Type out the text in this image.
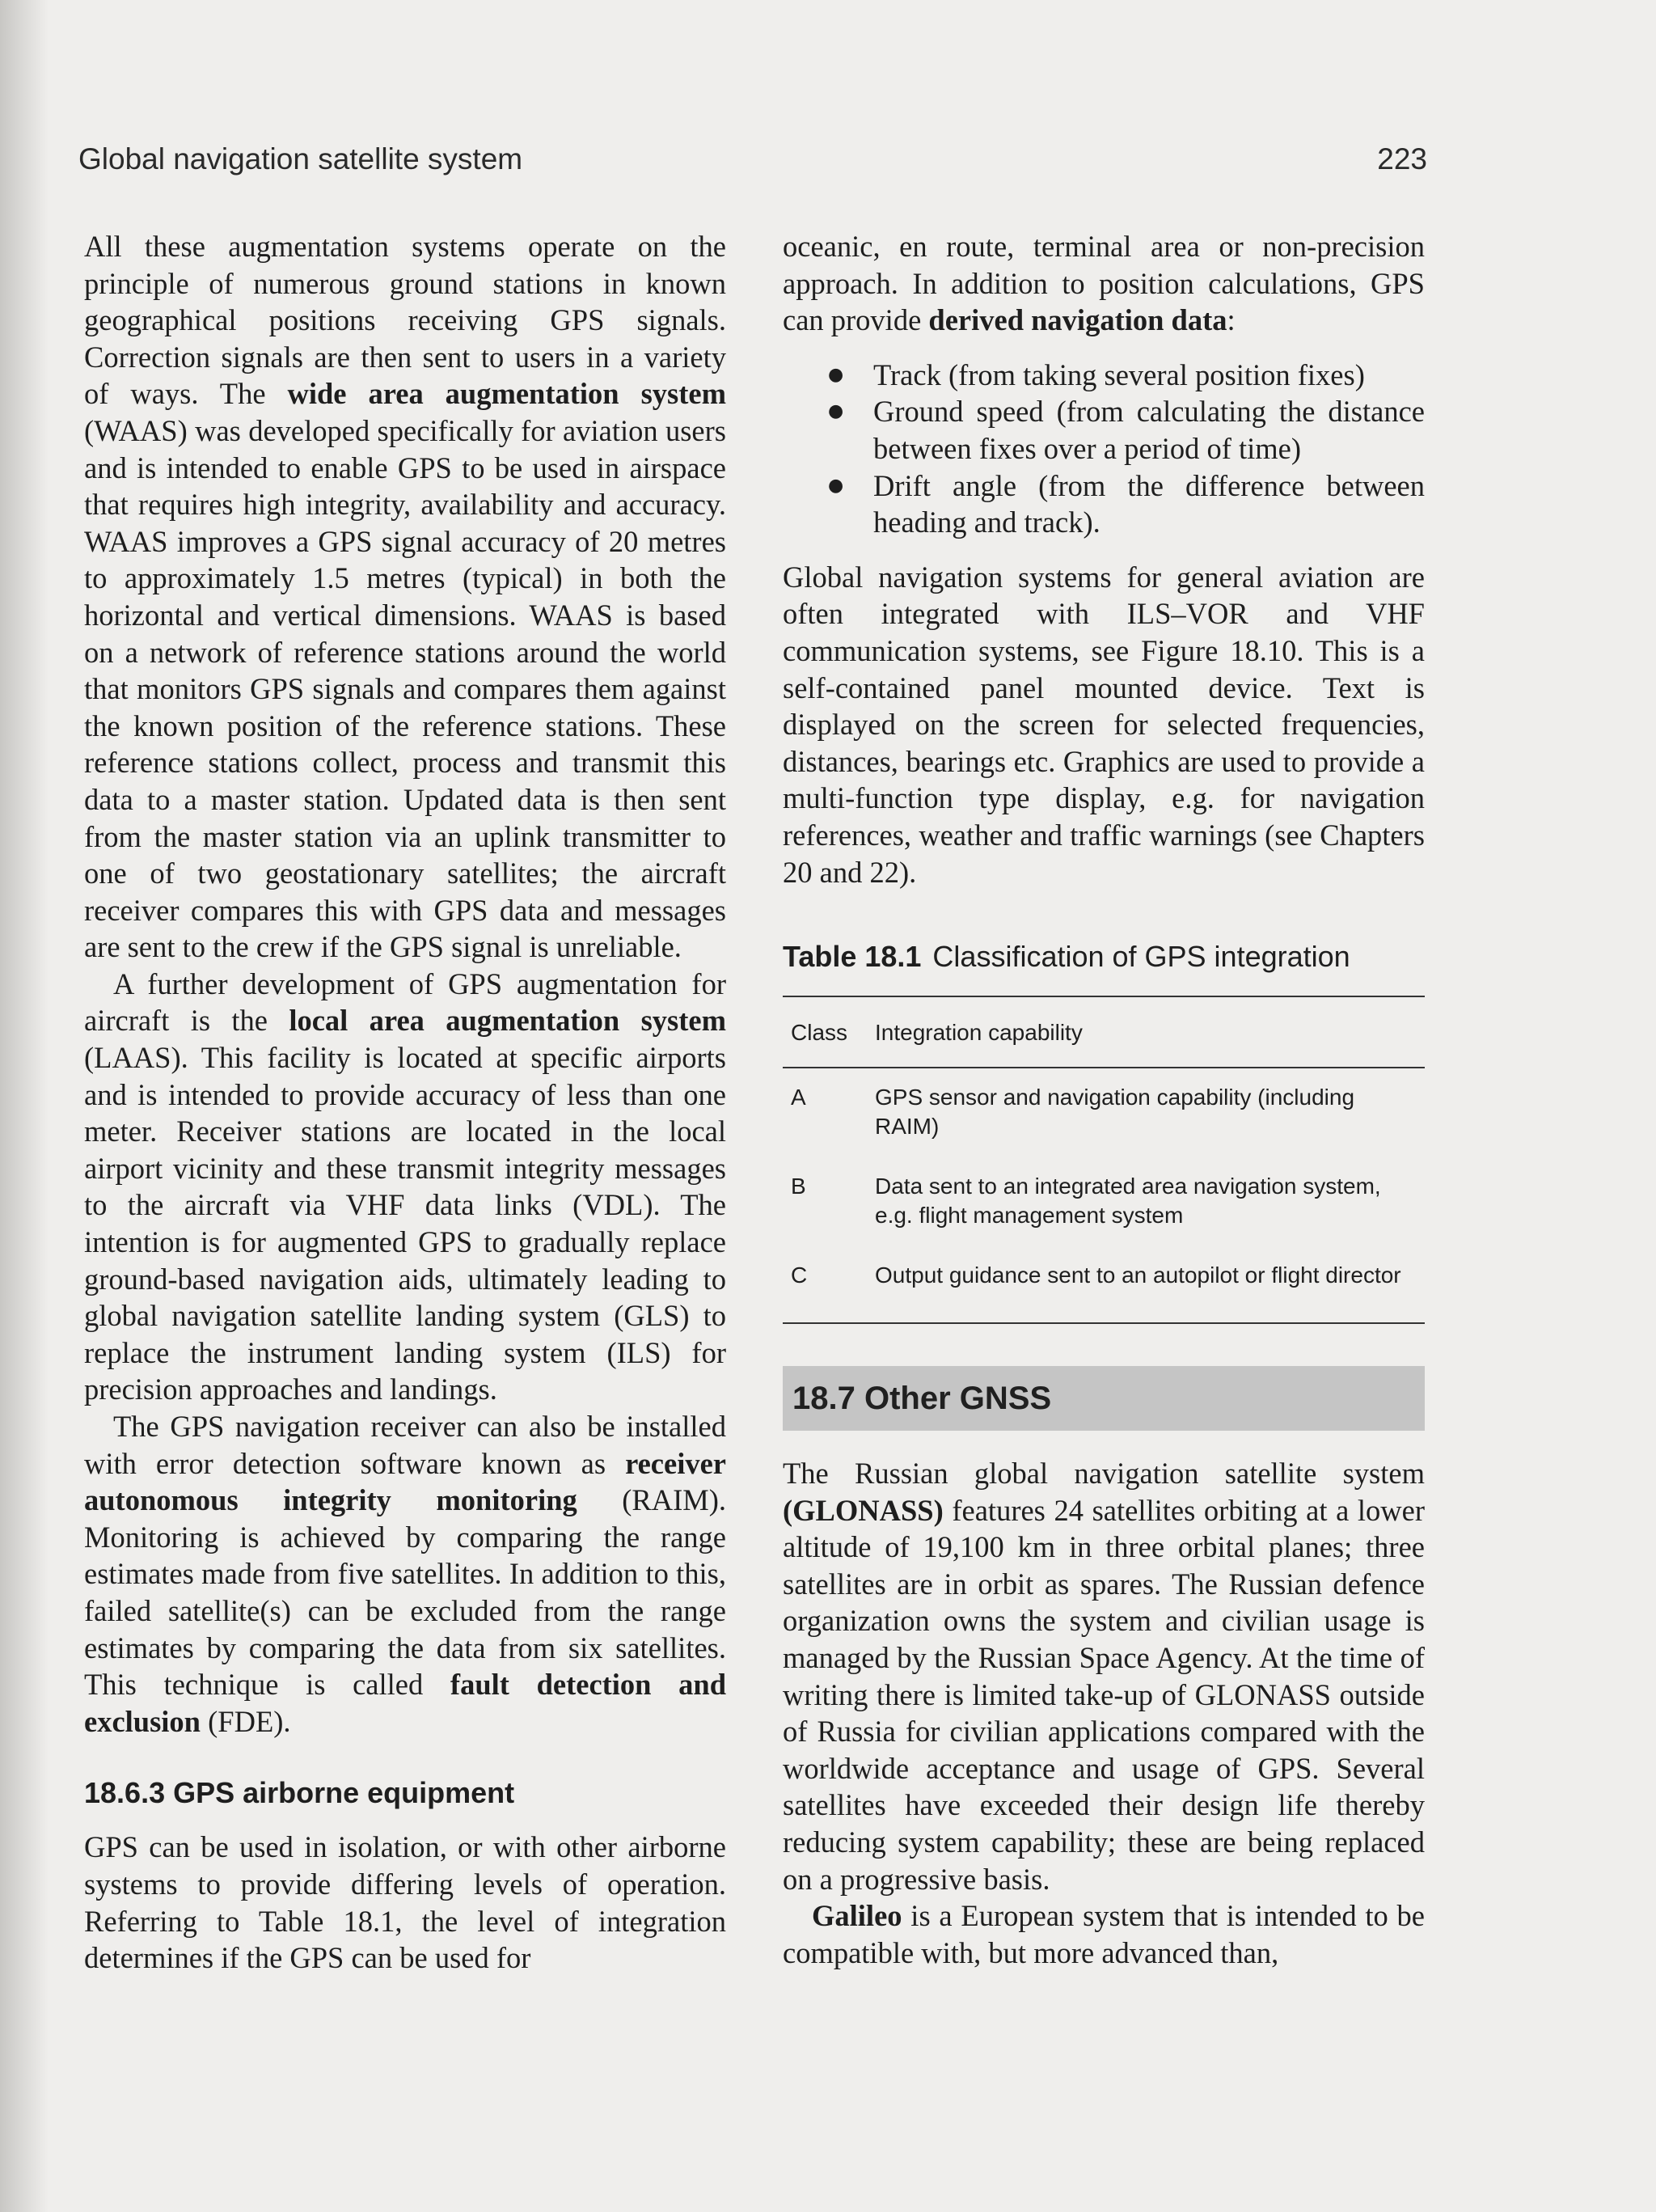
Global navigation satellite system	223

All these augmentation systems operate on the principle of numerous ground stations in known geographical positions receiving GPS signals. Correction signals are then sent to users in a variety of ways. The wide area augmentation system (WAAS) was developed specifically for aviation users and is intended to enable GPS to be used in airspace that requires high integrity, availability and accuracy. WAAS improves a GPS signal accuracy of 20 metres to approximately 1.5 metres (typical) in both the horizontal and vertical dimensions. WAAS is based on a network of reference stations around the world that monitors GPS signals and compares them against the known position of the reference stations. These reference stations collect, process and transmit this data to a master station. Updated data is then sent from the master station via an uplink transmitter to one of two geostationary satellites; the aircraft receiver compares this with GPS data and messages are sent to the crew if the GPS signal is unreliable.

A further development of GPS augmentation for aircraft is the local area augmentation system (LAAS). This facility is located at specific airports and is intended to provide accuracy of less than one meter. Receiver stations are located in the local airport vicinity and these transmit integrity messages to the aircraft via VHF data links (VDL). The intention is for augmented GPS to gradually replace ground-based navigation aids, ultimately leading to global navigation satellite landing system (GLS) to replace the instrument landing system (ILS) for precision approaches and landings.

The GPS navigation receiver can also be installed with error detection software known as receiver autonomous integrity monitoring (RAIM). Monitoring is achieved by comparing the range estimates made from five satellites. In addition to this, failed satellite(s) can be excluded from the range estimates by comparing the data from six satellites. This technique is called fault detection and exclusion (FDE).

18.6.3 GPS airborne equipment

GPS can be used in isolation, or with other airborne systems to provide differing levels of operation. Referring to Table 18.1, the level of integration determines if the GPS can be used for

oceanic, en route, terminal area or non-precision approach. In addition to position calculations, GPS can provide derived navigation data:

● Track (from taking several position fixes)
● Ground speed (from calculating the distance between fixes over a period of time)
● Drift angle (from the difference between heading and track).

Global navigation systems for general aviation are often integrated with ILS–VOR and VHF communication systems, see Figure 18.10. This is a self-contained panel mounted device. Text is displayed on the screen for selected frequencies, distances, bearings etc. Graphics are used to provide a multi-function type display, e.g. for navigation references, weather and traffic warnings (see Chapters 20 and 22).

Table 18.1 Classification of GPS integration
Class	Integration capability
A	GPS sensor and navigation capability (including RAIM)
B	Data sent to an integrated area navigation system, e.g. flight management system
C	Output guidance sent to an autopilot or flight director
18.7 Other GNSS

The Russian global navigation satellite system (GLONASS) features 24 satellites orbiting at a lower altitude of 19,100 km in three orbital planes; three satellites are in orbit as spares. The Russian defence organization owns the system and civilian usage is managed by the Russian Space Agency. At the time of writing there is limited take-up of GLONASS outside of Russia for civilian applications compared with the worldwide acceptance and usage of GPS. Several satellites have exceeded their design life thereby reducing system capability; these are being replaced on a progressive basis.

Galileo is a European system that is intended to be compatible with, but more advanced than,
